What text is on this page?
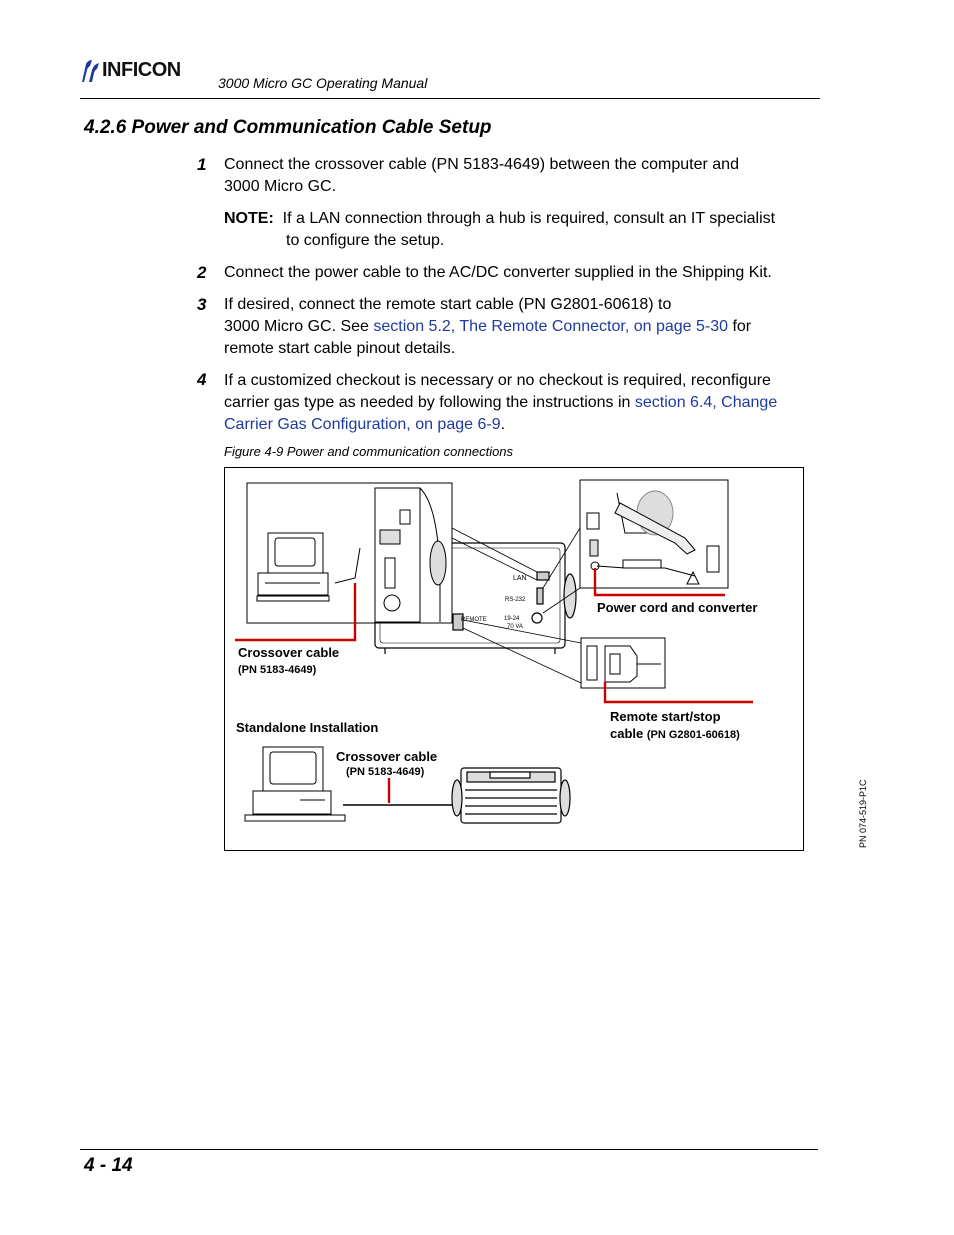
INFICON
3000 Micro GC Operating Manual
4.2.6 Power and Communication Cable Setup
1 Connect the crossover cable (PN 5183-4649) between the computer and
3000 Micro GC.
NOTE: If a LAN connection through a hub is required, consult an IT specialist
to configure the setup.
2 Connect the power cable to the AC/DC converter supplied in the Shipping Kit.
3 If desired, connect the remote start cable (PN G2801-60618) to
3000 Micro GC. See section 5.2, The Remote Connector, on page 5-30 for
remote start cable pinout details.
4 If a customized checkout is necessary or no checkout is required, reconfigure
carrier gas type as needed by following the instructions in section 6.4, Change
Carrier Gas Configuration, on page 6-9.
Figure 4-9 Power and communication connections
LAN
RS-232
REMOTE	19-24
70 VA
Power cord and converter
Crossover cable
(PN 5183-4649)
Remote start/stop
cable (PN G2801-60618)
Standalone Installation
Crossover cable
(PN 5183-4649)
PN 074-519-P1C
4 - 14
